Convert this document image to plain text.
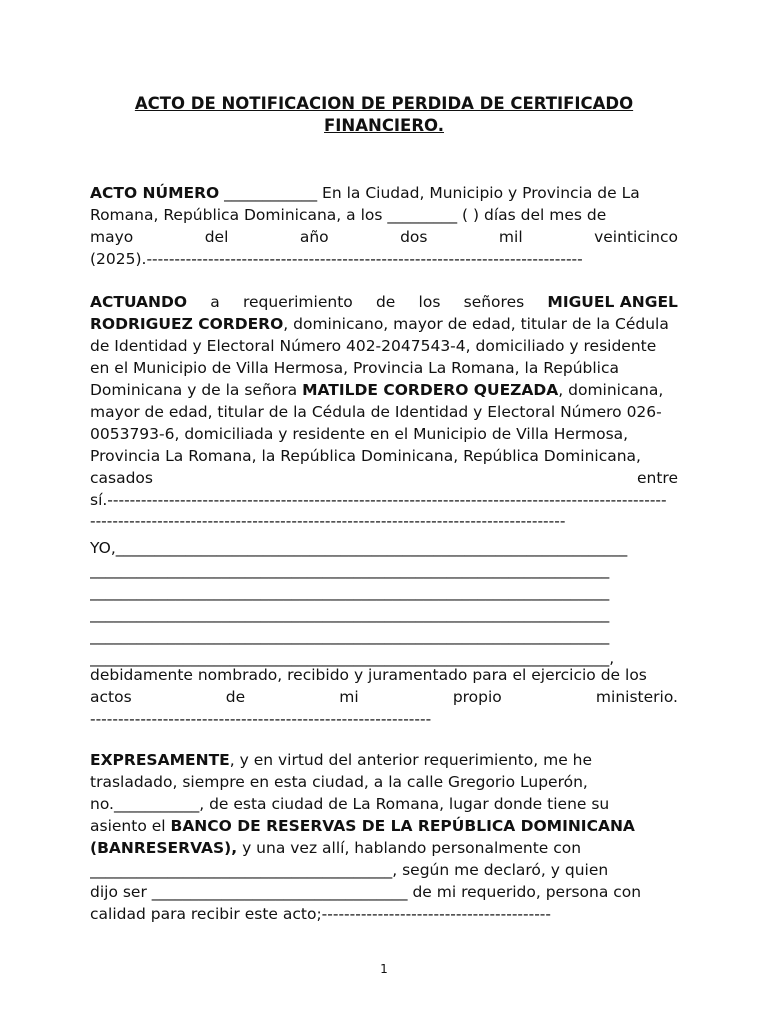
ACTO DE NOTIFICACION DE PERDIDA DE CERTIFICADO
FINANCIERO.
ACTO NÚMERO ____________ En la Ciudad, Municipio y Provincia de La
Romana, República Dominicana, a los _________ ( ) días del mes de
mayo	del	año	dos	mil	veinticinco
(2025).------------------------------------------------------------------------------
ACTUANDO a requerimiento de los señores MIGUEL ANGEL
RODRIGUEZ CORDERO, dominicano, mayor de edad, titular de la Cédula
de Identidad y Electoral Número 402-2047543-4, domiciliado y residente
en el Municipio de Villa Hermosa, Provincia La Romana, la República
Dominicana y de la señora MATILDE CORDERO QUEZADA, dominicana,
mayor de edad, titular de la Cédula de Identidad y Electoral Número 026-
0053793-6, domiciliada y residente en el Municipio de Villa Hermosa,
Provincia La Romana, la República Dominicana, República Dominicana,
casados	entre
sí.----------------------------------------------------------------------------------------------------
-------------------------------------------------------------------------------------
YO,__________________________________________________________________
___________________________________________________________________
___________________________________________________________________
___________________________________________________________________
___________________________________________________________________
___________________________________________________________________,
debidamente nombrado, recibido y juramentado para el ejercicio de los
actos	de	mi	propio	ministerio.
-------------------------------------------------------------
EXPRESAMENTE, y en virtud del anterior requerimiento, me he
trasladado, siempre en esta ciudad, a la calle Gregorio Luperón,
no.___________, de esta ciudad de La Romana, lugar donde tiene su
asiento el BANCO DE RESERVAS DE LA REPÚBLICA DOMINICANA
(BANRESERVAS), y una vez allí, hablando personalmente con
_______________________________________, según me declaró, y quien
dijo ser _________________________________ de mi requerido, persona con
calidad para recibir este acto;-----------------------------------------
1
